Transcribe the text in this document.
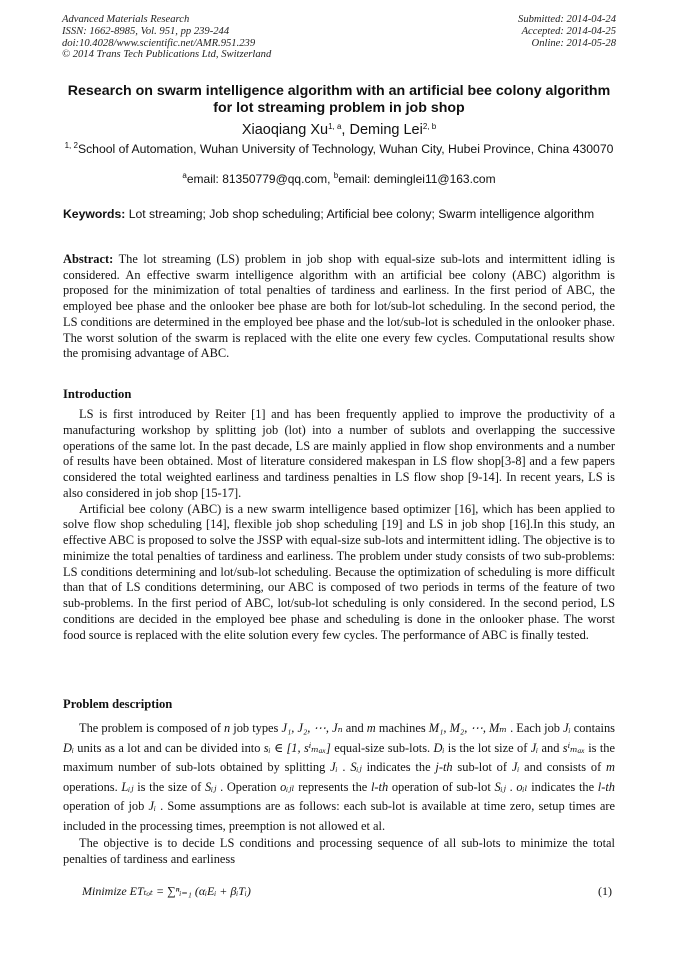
Advanced Materials Research
ISSN: 1662-8985, Vol. 951, pp 239-244
doi:10.4028/www.scientific.net/AMR.951.239
© 2014 Trans Tech Publications Ltd, Switzerland
Submitted: 2014-04-24
Accepted: 2014-04-25
Online: 2014-05-28
Research on swarm intelligence algorithm with an artificial bee colony algorithm for lot streaming problem in job shop
Xiaoqiang Xu$^{1, a}$, Deming Lei$^{2, b}$
$^{1, 2}$School of Automation, Wuhan University of Technology, Wuhan City, Hubei Province, China 430070
$^a$email: 81350779@qq.com, $^b$email: deminglei11@163.com
Keywords: Lot streaming; Job shop scheduling; Artificial bee colony; Swarm intelligence algorithm
Abstract: The lot streaming (LS) problem in job shop with equal-size sub-lots and intermittent idling is considered. An effective swarm intelligence algorithm with an artificial bee colony (ABC) algorithm is proposed for the minimization of total penalties of tardiness and earliness. In the first period of ABC, the employed bee phase and the onlooker bee phase are both for lot/sub-lot scheduling. In the second period, the LS conditions are determined in the employed bee phase and the lot/sub-lot is scheduled in the onlooker phase. The worst solution of the swarm is replaced with the elite one every few cycles. Computational results show the promising advantage of ABC.
Introduction

LS is first introduced by Reiter [1] and has been frequently applied to improve the productivity of a manufacturing workshop by splitting job (lot) into a number of sublots and overlapping the successive operations of the same lot. In the past decade, LS are mainly applied in flow shop environments and a number of results have been obtained. Most of literature considered makespan in LS flow shop[3-8] and a few papers considered the total weighted earliness and tardiness penalties in LS flow shop [9-14]. In recent years, LS is also considered in job shop [15-17].

Artificial bee colony (ABC) is a new swarm intelligence based optimizer [16], which has been applied to solve flow shop scheduling [14], flexible job shop scheduling [19] and LS in job shop [16].In this study, an effective ABC is proposed to solve the JSSP with equal-size sub-lots and intermittent idling. The objective is to minimize the total penalties of tardiness and earliness. The problem under study consists of two sub-problems: LS conditions determining and lot/sub-lot scheduling. Because the optimization of scheduling is more difficult than that of LS conditions determining, our ABC is composed of two periods in terms of the feature of two sub-problems. In the first period of ABC, lot/sub-lot scheduling is only considered. In the second period, LS conditions are decided in the employed bee phase and scheduling is done in the onlooker phase. The worst food source is replaced with the elite solution every few cycles. The performance of ABC is finally tested.

Problem description

The problem is composed of n job types J₁, J₂, ⋯, Jₙ and m machines M₁, M₂, ⋯, Mₘ . Each job Jᵢ contains Dᵢ units as a lot and can be divided into sᵢ ∈ [1, sⁱₘₐₓ] equal-size sub-lots. Dᵢ is the lot size of Jᵢ and sⁱₘₐₓ is the maximum number of sub-lots obtained by splitting Jᵢ . Sᵢⱼ indicates the j-th sub-lot of Jᵢ and consists of m operations. Lᵢⱼ is the size of Sᵢⱼ . Operation oᵢⱼₗ represents the l-th operation of sub-lot Sᵢⱼ . oᵢₗ indicates the l-th operation of job Jᵢ . Some assumptions are as follows: each sub-lot is available at time zero, setup times are included in the processing times, preemption is not allowed et al.

The objective is to decide LS conditions and processing sequence of all sub-lots to minimize the total penalties of tardiness and earliness

Minimize ETₜₒₜ = ∑ⁿᵢ₌₁ (αᵢEᵢ + βᵢTᵢ)	(1)
